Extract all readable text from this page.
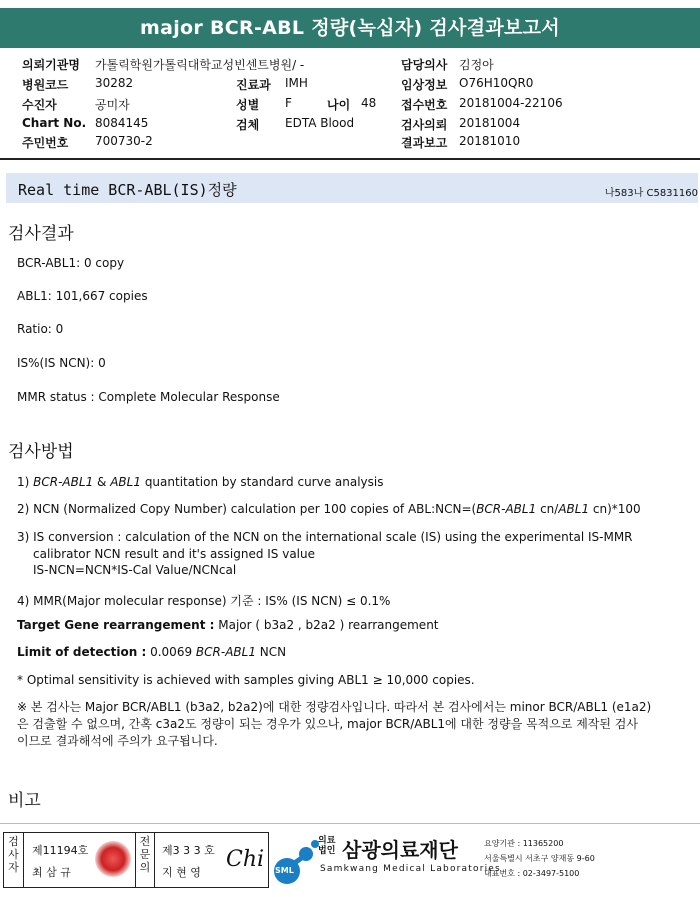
major BCR-ABL 정량(녹십자) 검사결과보고서
의뢰기관명 가톨릭학원가톨릭대학교성빈센트병원/ -	담당의사 김정아
병원코드 30282	진료과 IMH	임상정보 O76H10QR0
수진자	공미자	성별 F	나이 48 접수번호 20181004-22106
Chart No. 8084145	검체 EDTA Blood	검사의뢰 20181004
주민번호 700730-2	결과보고 20181010
Real time BCR-ABL(IS)정량	나583나 C5831160
검사결과
BCR-ABL1: 0 copy
ABL1: 101,667 copies
Ratio: 0
IS%(IS NCN): 0
MMR status : Complete Molecular Response
검사방법
1) BCR-ABL1 & ABL1 quantitation by standard curve analysis
2) NCN (Normalized Copy Number) calculation per 100 copies of ABL:NCN=(BCR-ABL1 cn/ABL1 cn)*100
3) IS conversion : calculation of the NCN on the international scale (IS) using the experimental IS-MMR
calibrator NCN result and it's assigned IS value
IS-NCN=NCN*IS-Cal Value/NCNcal
4) MMR(Major molecular response) 기준 : IS% (IS NCN) ≤ 0.1%
Target Gene rearrangement : Major ( b3a2 , b2a2 ) rearrangement
Limit of detection : 0.0069 BCR-ABL1 NCN
* Optimal sensitivity is achieved with samples giving ABL1 ≥ 10,000 copies.
※ 본 검사는 Major BCR/ABL1 (b3a2, b2a2)에 대한 정량검사입니다. 따라서 본 검사에서는 minor BCR/ABL1 (e1a2)
은 검출할 수 없으며, 간혹 c3a2도 정량이 되는 경우가 있으나, major BCR/ABL1에 대한 정량을 목적으로 제작된 검사
이므로 결과해석에 주의가 요구됩니다.
비고
검사자
제11194호
최 삼 규
전문의
제3 3 3 호
지 현 영
Chi SML
의료법인 삼광의료재단
Samkwang Medical Laboratories
요양기관 : 11365200
서울특별시 서초구 양재동 9-60
대표번호 : 02-3497-5100
